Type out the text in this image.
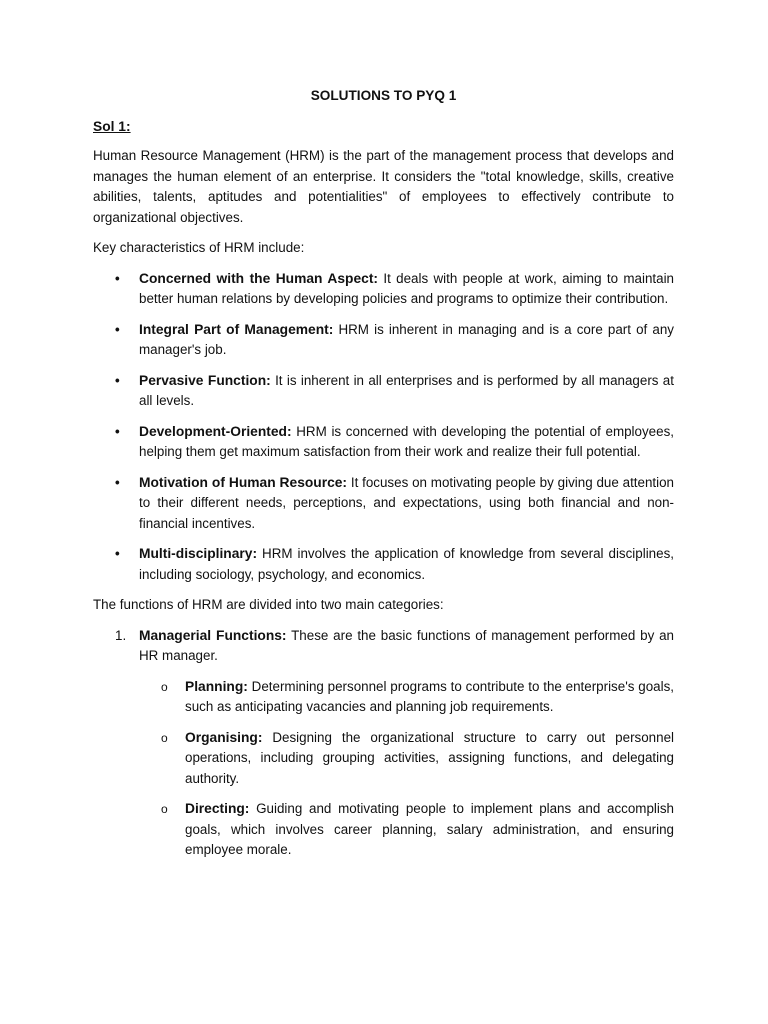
SOLUTIONS TO PYQ 1
Sol 1:

Human Resource Management (HRM) is the part of the management process that develops and manages the human element of an enterprise. It considers the "total knowledge, skills, creative abilities, talents, aptitudes and potentialities" of employees to effectively contribute to organizational objectives.

Key characteristics of HRM include:

• Concerned with the Human Aspect: It deals with people at work, aiming to maintain better human relations by developing policies and programs to optimize their contribution.
• Integral Part of Management: HRM is inherent in managing and is a core part of any manager's job.
• Pervasive Function: It is inherent in all enterprises and is performed by all managers at all levels.
• Development-Oriented: HRM is concerned with developing the potential of employees, helping them get maximum satisfaction from their work and realize their full potential.
• Motivation of Human Resource: It focuses on motivating people by giving due attention to their different needs, perceptions, and expectations, using both financial and non-financial incentives.
• Multi-disciplinary: HRM involves the application of knowledge from several disciplines, including sociology, psychology, and economics.

The functions of HRM are divided into two main categories:

1. Managerial Functions: These are the basic functions of management performed by an HR manager.
o Planning: Determining personnel programs to contribute to the enterprise's goals, such as anticipating vacancies and planning job requirements.
o Organising: Designing the organizational structure to carry out personnel operations, including grouping activities, assigning functions, and delegating authority.
o Directing: Guiding and motivating people to implement plans and accomplish goals, which involves career planning, salary administration, and ensuring employee morale.
